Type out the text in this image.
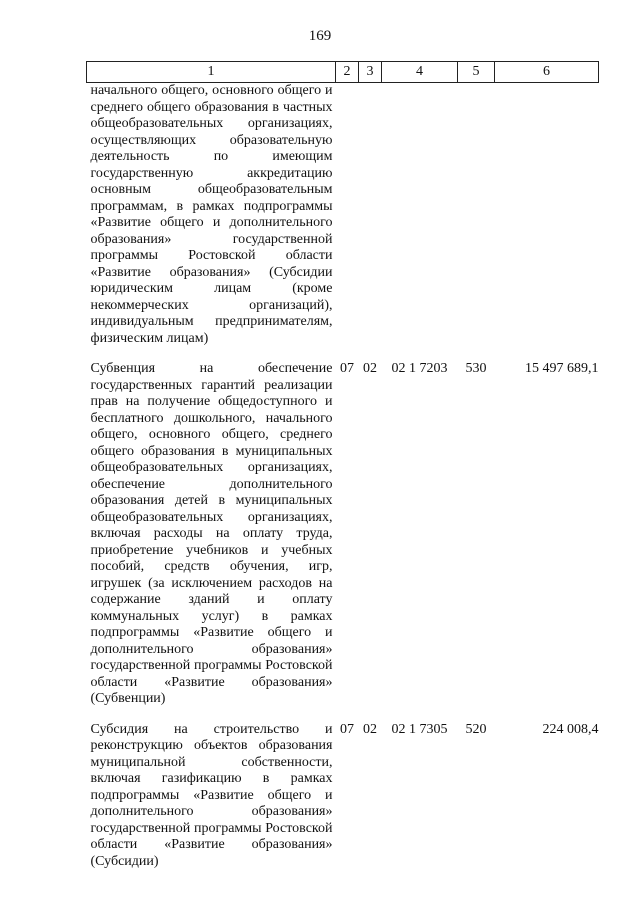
169
1	2	3	4	5	6
начального общего, основного общего и среднего общего образования в частных общеобразовательных организациях, осуществляющих образовательную деятельность по имеющим государственную аккредитацию основным общеобразовательным программам, в рамках подпрограммы «Развитие общего и дополнительного образования» государственной программы Ростовской области «Развитие образования» (Субсидии юридическим лицам (кроме некоммерческих организаций), индивидуальным предпринимателям, физическим лицам)					
Субвенция на обеспечение государственных гарантий реализации прав на получение общедоступного и бесплатного дошкольного, начального общего, основного общего, среднего общего образования в муниципальных общеобразовательных организациях, обеспечение дополнительного образования детей в муниципальных общеобразовательных организациях, включая расходы на оплату труда, приобретение учебников и учебных пособий, средств обучения, игр, игрушек (за исключением расходов на содержание зданий и оплату коммунальных услуг) в рамках подпрограммы «Развитие общего и дополнительного образования» государственной программы Ростовской области «Развитие образования» (Субвенции)	07	02	02 1 7203	530	15 497 689,1
Субсидия на строительство и реконструкцию объектов образования муниципальной собственности, включая газификацию в рамках подпрограммы «Развитие общего и дополнительного образования» государственной программы Ростовской области «Развитие образования» (Субсидии)	07	02	02 1 7305	520	224 008,4
